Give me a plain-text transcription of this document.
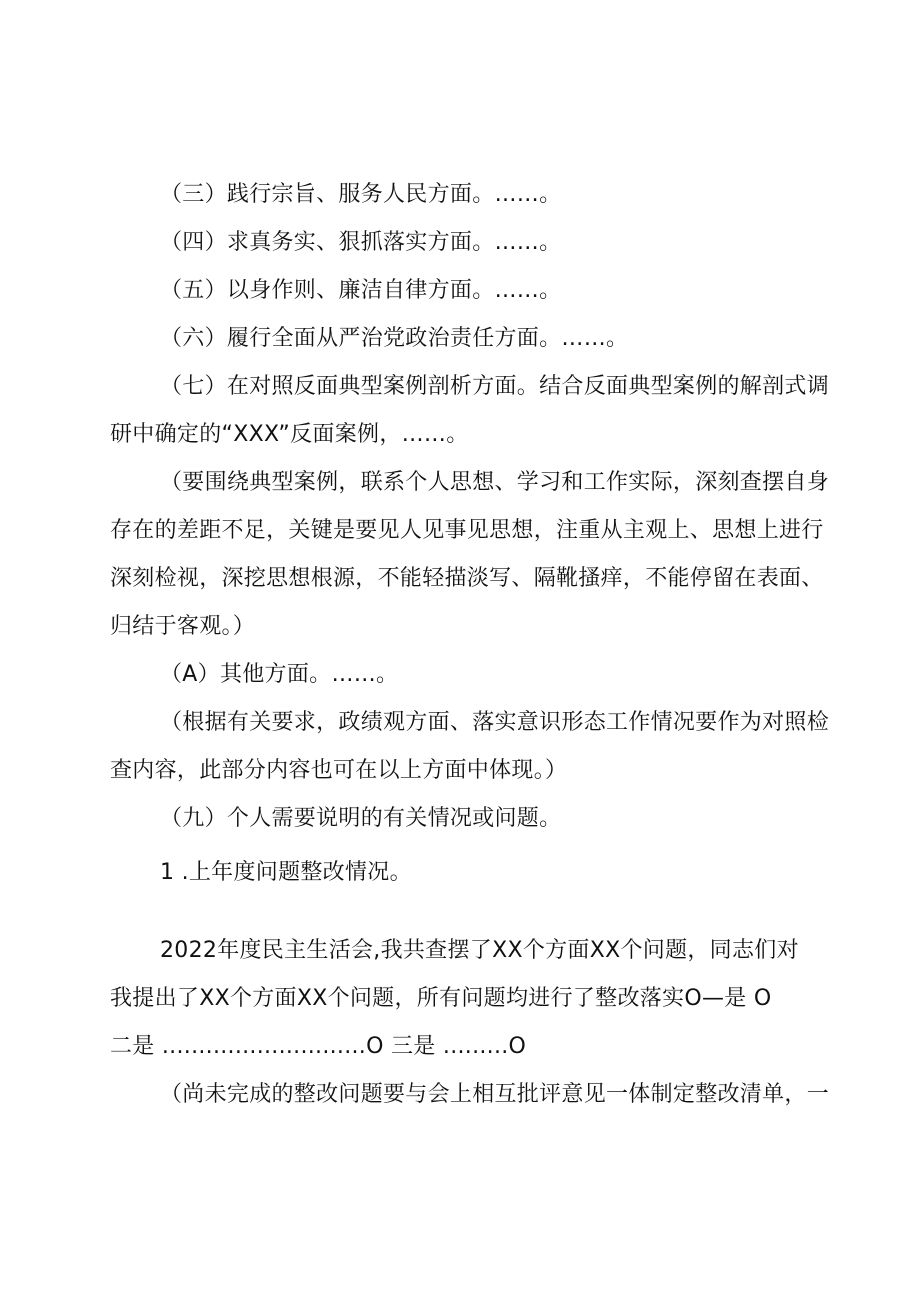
（三）践行宗旨、服务人民方面。……。
（四）求真务实、狠抓落实方面。……。
（五）以身作则、廉洁自律方面。……。
（六）履行全面从严治党政治责任方面。……。
（七）在对照反面典型案例剖析方面。结合反面典型案例的解剖式调
研中确定的“XXX”反面案例，……。
（要围绕典型案例，联系个人思想、学习和工作实际，深刻查摆自身
存在的差距不足，关键是要见人见事见思想，注重从主观上、思想上进行
深刻检视，深挖思想根源，不能轻描淡写、隔靴搔痒，不能停留在表面、
归结于客观。）
（A）其他方面。……。
（根据有关要求，政绩观方面、落实意识形态工作情况要作为对照检
查内容，此部分内容也可在以上方面中体现。）
（九）个人需要说明的有关情况或问题。
1 .上年度问题整改情况。
2022年度民主生活会,我共查摆了XX个方面XX个问题，同志们对
我提出了XX个方面XX个问题，所有问题均进行了整改落实O—是 O
二是 ............................O 三是 .........O
（尚未完成的整改问题要与会上相互批评意见一体制定整改清单，一
